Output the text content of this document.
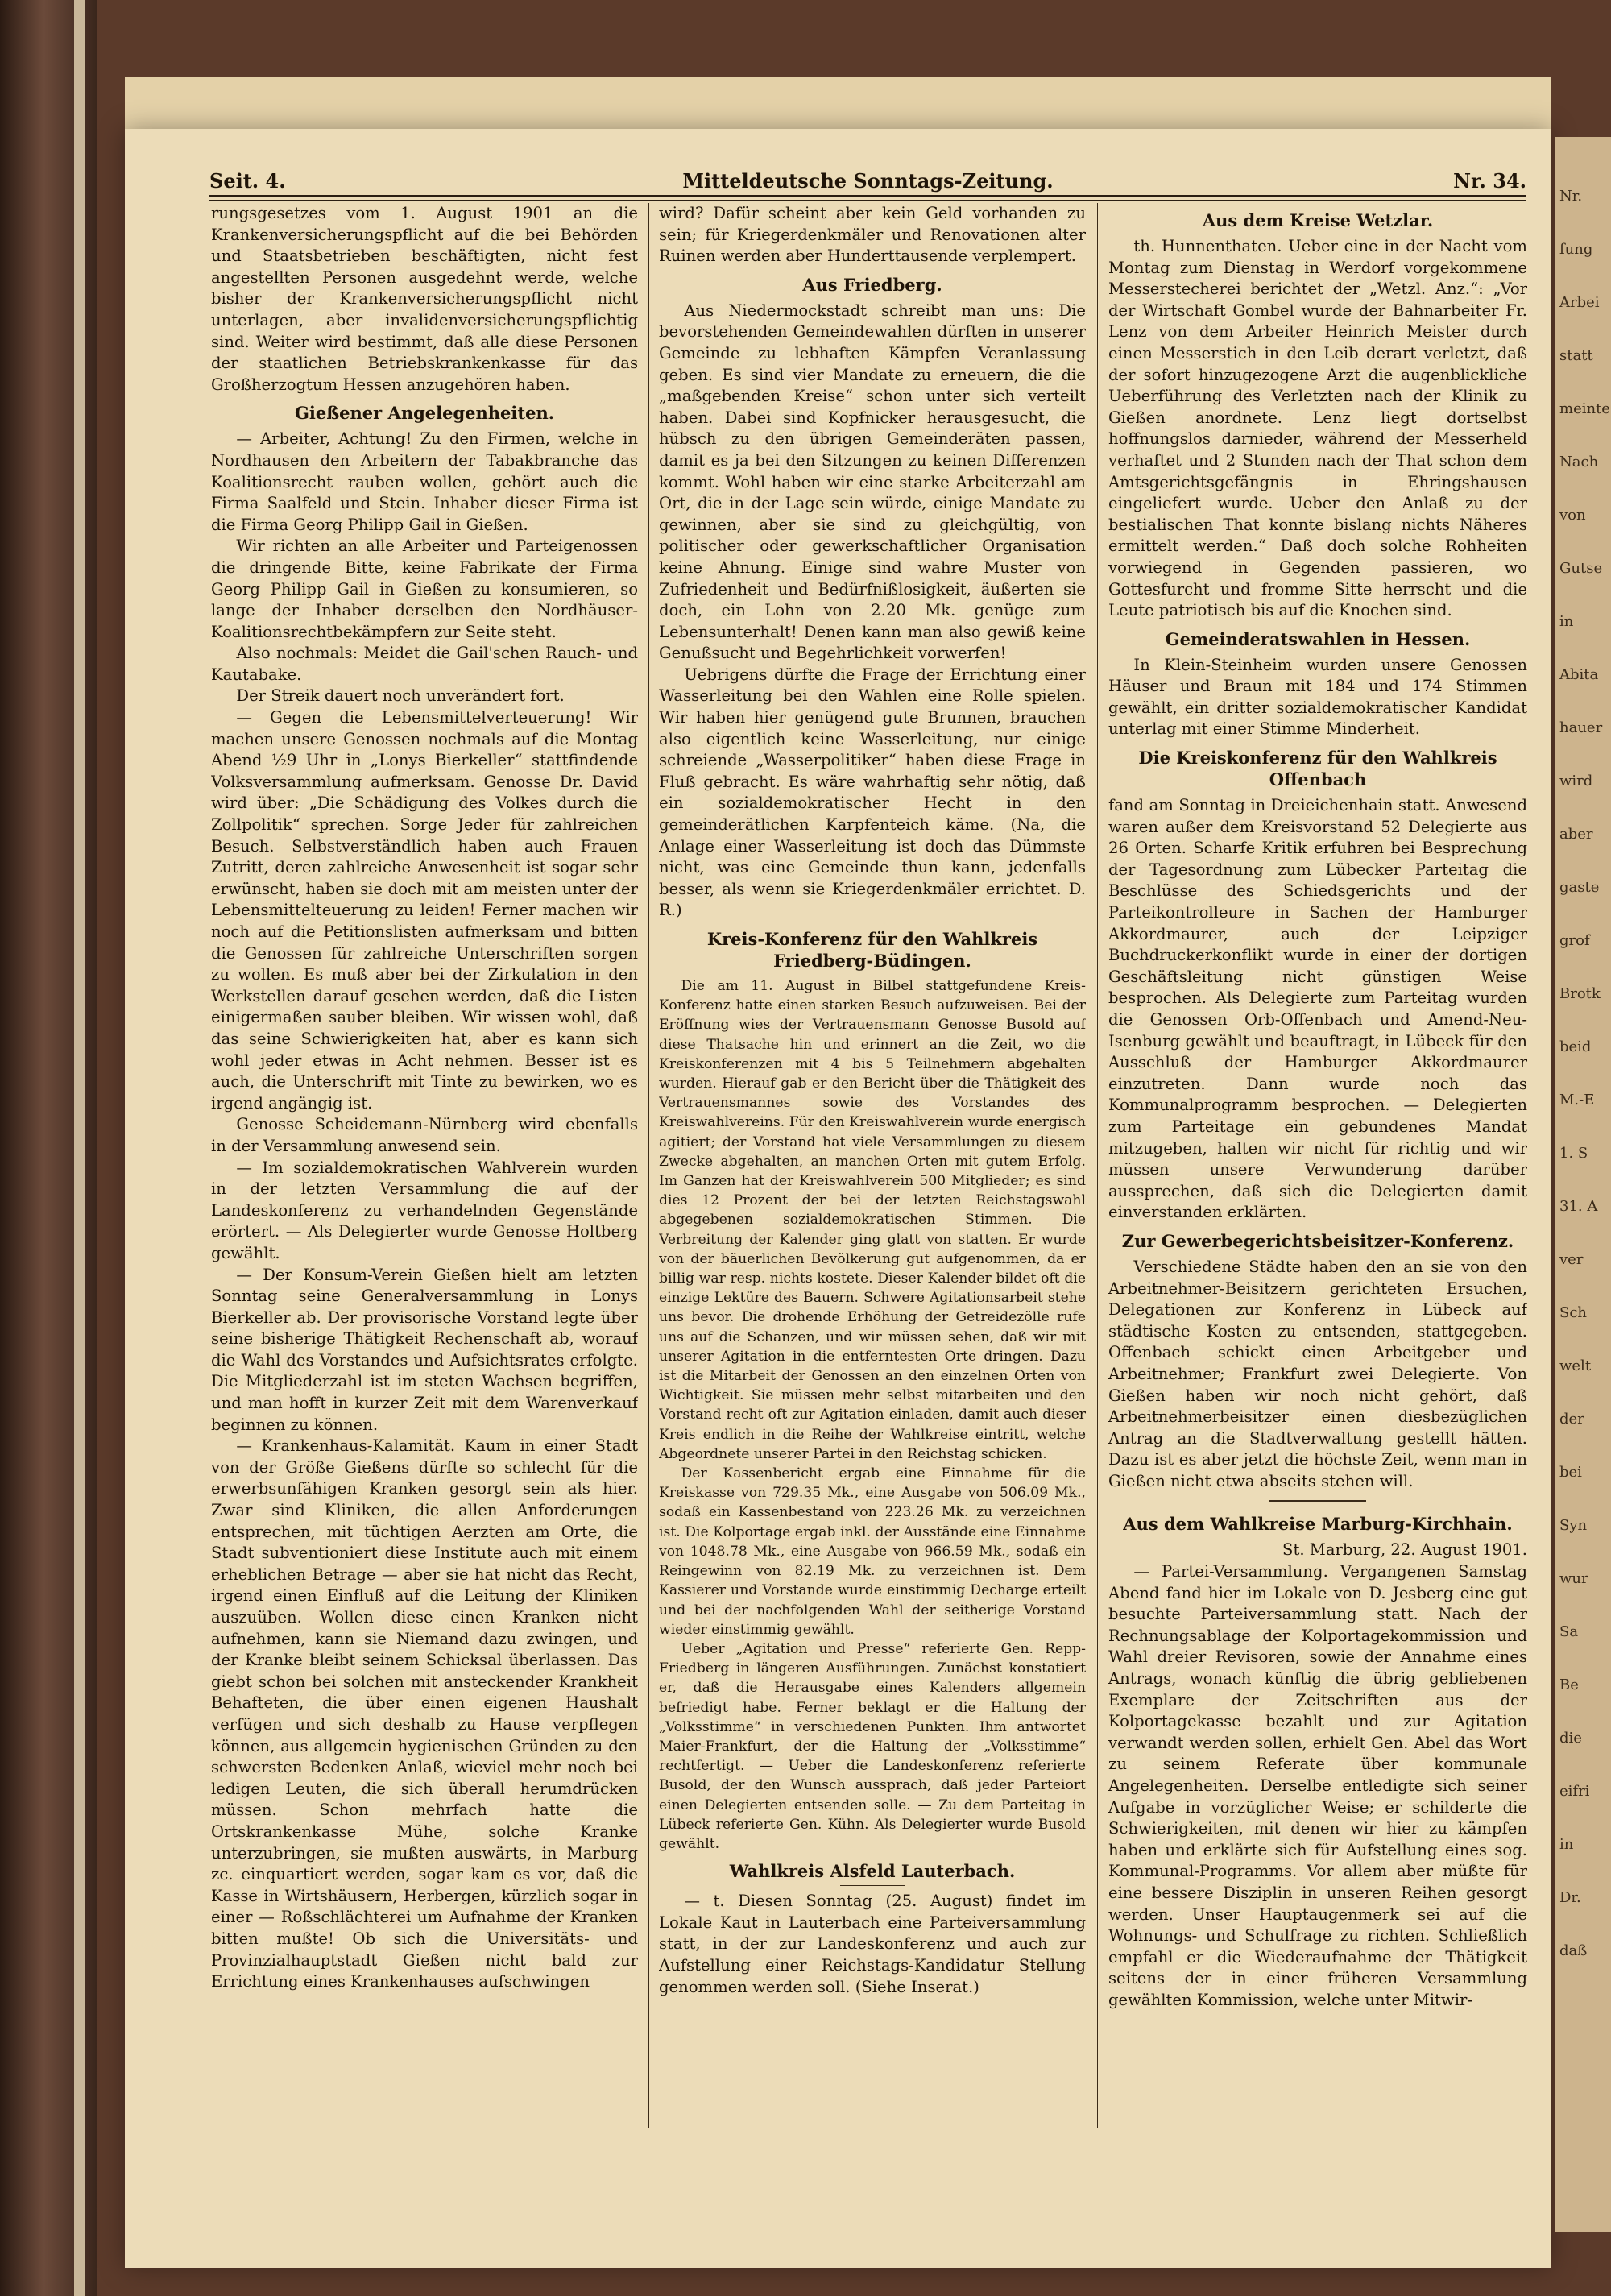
Nr.
fung
Arbei
statt
meinte
Nach
von
Gutse
in
Abita
hauer
wird
aber
gaste
grof
Brotk
beid
M.-E
1. S
31. A
ver
Sch
welt
der
bei
Syn
wur
Sa
Be
die
eifri
in
Dr.
daß
Seit. 4.	Mitteldeutsche Sonntags-Zeitung.	Nr. 34.

rungsgesetzes vom 1. August 1901 an die Krankenversicherungspflicht auf die bei Behörden und Staatsbetrieben beschäftigten, nicht fest angestellten Personen ausgedehnt werde, welche bisher der Krankenversicherungspflicht nicht unterlagen, aber invalidenversicherungspflichtig sind. Weiter wird bestimmt, daß alle diese Personen der staatlichen Betriebskrankenkasse für das Großherzogtum Hessen anzugehören haben.

Gießener Angelegenheiten.

— Arbeiter, Achtung! Zu den Firmen, welche in Nordhausen den Arbeitern der Tabakbranche das Koalitionsrecht rauben wollen, gehört auch die Firma Saalfeld und Stein. Inhaber dieser Firma ist die Firma Georg Philipp Gail in Gießen.

Wir richten an alle Arbeiter und Parteigenossen die dringende Bitte, keine Fabrikate der Firma Georg Philipp Gail in Gießen zu konsumieren, so lange der Inhaber derselben den Nordhäuser-Koalitionsrechtbekämpfern zur Seite steht.

Also nochmals: Meidet die Gail'schen Rauch- und Kautabake.

Der Streik dauert noch unverändert fort.

— Gegen die Lebensmittelverteuerung! Wir machen unsere Genossen nochmals auf die Montag Abend ½9 Uhr in „Lonys Bierkeller“ stattfindende Volksversammlung aufmerksam. Genosse Dr. David wird über: „Die Schädigung des Volkes durch die Zollpolitik“ sprechen. Sorge Jeder für zahlreichen Besuch. Selbstverständlich haben auch Frauen Zutritt, deren zahlreiche Anwesenheit ist sogar sehr erwünscht, haben sie doch mit am meisten unter der Lebensmittelteuerung zu leiden! Ferner machen wir noch auf die Petitionslisten aufmerksam und bitten die Genossen für zahlreiche Unterschriften sorgen zu wollen. Es muß aber bei der Zirkulation in den Werkstellen darauf gesehen werden, daß die Listen einigermaßen sauber bleiben. Wir wissen wohl, daß das seine Schwierigkeiten hat, aber es kann sich wohl jeder etwas in Acht nehmen. Besser ist es auch, die Unterschrift mit Tinte zu bewirken, wo es irgend angängig ist.

Genosse Scheidemann-Nürnberg wird ebenfalls in der Versammlung anwesend sein.

— Im sozialdemokratischen Wahlverein wurden in der letzten Versammlung die auf der Landeskonferenz zu verhandelnden Gegenstände erörtert. — Als Delegierter wurde Genosse Holtberg gewählt.

— Der Konsum-Verein Gießen hielt am letzten Sonntag seine Generalversammlung in Lonys Bierkeller ab. Der provisorische Vorstand legte über seine bisherige Thätigkeit Rechenschaft ab, worauf die Wahl des Vorstandes und Aufsichtsrates erfolgte. Die Mitgliederzahl ist im steten Wachsen begriffen, und man hofft in kurzer Zeit mit dem Warenverkauf beginnen zu können.

— Krankenhaus-Kalamität. Kaum in einer Stadt von der Größe Gießens dürfte so schlecht für die erwerbsunfähigen Kranken gesorgt sein als hier. Zwar sind Kliniken, die allen Anforderungen entsprechen, mit tüchtigen Aerzten am Orte, die Stadt subventioniert diese Institute auch mit einem erheblichen Betrage — aber sie hat nicht das Recht, irgend einen Einfluß auf die Leitung der Kliniken auszuüben. Wollen diese einen Kranken nicht aufnehmen, kann sie Niemand dazu zwingen, und der Kranke bleibt seinem Schicksal überlassen. Das giebt schon bei solchen mit ansteckender Krankheit Behafteten, die über einen eigenen Haushalt verfügen und sich deshalb zu Hause verpflegen können, aus allgemein hygienischen Gründen zu den schwersten Bedenken Anlaß, wieviel mehr noch bei ledigen Leuten, die sich überall herumdrücken müssen. Schon mehrfach hatte die Ortskrankenkasse Mühe, solche Kranke unterzubringen, sie mußten auswärts, in Marburg zc. einquartiert werden, sogar kam es vor, daß die Kasse in Wirtshäusern, Herbergen, kürzlich sogar in einer — Roßschlächterei um Aufnahme der Kranken bitten mußte! Ob sich die Universitäts- und Provinzialhauptstadt Gießen nicht bald zur Errichtung eines Krankenhauses aufschwingen

wird? Dafür scheint aber kein Geld vorhanden zu sein; für Kriegerdenkmäler und Renovationen alter Ruinen werden aber Hunderttausende verplempert.

Aus Friedberg.

Aus Niedermockstadt schreibt man uns: Die bevorstehenden Gemeindewahlen dürften in unserer Gemeinde zu lebhaften Kämpfen Veranlassung geben. Es sind vier Mandate zu erneuern, die die „maßgebenden Kreise“ schon unter sich verteilt haben. Dabei sind Kopfnicker herausgesucht, die hübsch zu den übrigen Gemeinderäten passen, damit es ja bei den Sitzungen zu keinen Differenzen kommt. Wohl haben wir eine starke Arbeiterzahl am Ort, die in der Lage sein würde, einige Mandate zu gewinnen, aber sie sind zu gleichgültig, von politischer oder gewerkschaftlicher Organisation keine Ahnung. Einige sind wahre Muster von Zufriedenheit und Bedürfnißlosigkeit, äußerten sie doch, ein Lohn von 2.20 Mk. genüge zum Lebensunterhalt! Denen kann man also gewiß keine Genußsucht und Begehrlichkeit vorwerfen!

Uebrigens dürfte die Frage der Errichtung einer Wasserleitung bei den Wahlen eine Rolle spielen. Wir haben hier genügend gute Brunnen, brauchen also eigentlich keine Wasserleitung, nur einige schreiende „Wasserpolitiker“ haben diese Frage in Fluß gebracht. Es wäre wahrhaftig sehr nötig, daß ein sozialdemokratischer Hecht in den gemeinderätlichen Karpfenteich käme. (Na, die Anlage einer Wasserleitung ist doch das Dümmste nicht, was eine Gemeinde thun kann, jedenfalls besser, als wenn sie Kriegerdenkmäler errichtet. D. R.)

Kreis-Konferenz für den Wahlkreis Friedberg-Büdingen.

Die am 11. August in Bilbel stattgefundene Kreis-Konferenz hatte einen starken Besuch aufzuweisen. Bei der Eröffnung wies der Vertrauensmann Genosse Busold auf diese Thatsache hin und erinnert an die Zeit, wo die Kreiskonferenzen mit 4 bis 5 Teilnehmern abgehalten wurden. Hierauf gab er den Bericht über die Thätigkeit des Vertrauensmannes sowie des Vorstandes des Kreiswahlvereins. Für den Kreiswahlverein wurde energisch agitiert; der Vorstand hat viele Versammlungen zu diesem Zwecke abgehalten, an manchen Orten mit gutem Erfolg. Im Ganzen hat der Kreiswahlverein 500 Mitglieder; es sind dies 12 Prozent der bei der letzten Reichstagswahl abgegebenen sozialdemokratischen Stimmen. Die Verbreitung der Kalender ging glatt von statten. Er wurde von der bäuerlichen Bevölkerung gut aufgenommen, da er billig war resp. nichts kostete. Dieser Kalender bildet oft die einzige Lektüre des Bauern. Schwere Agitationsarbeit stehe uns bevor. Die drohende Erhöhung der Getreidezölle rufe uns auf die Schanzen, und wir müssen sehen, daß wir mit unserer Agitation in die entferntesten Orte dringen. Dazu ist die Mitarbeit der Genossen an den einzelnen Orten von Wichtigkeit. Sie müssen mehr selbst mitarbeiten und den Vorstand recht oft zur Agitation einladen, damit auch dieser Kreis endlich in die Reihe der Wahlkreise eintritt, welche Abgeordnete unserer Partei in den Reichstag schicken.

Der Kassenbericht ergab eine Einnahme für die Kreiskasse von 729.35 Mk., eine Ausgabe von 506.09 Mk., sodaß ein Kassenbestand von 223.26 Mk. zu verzeichnen ist. Die Kolportage ergab inkl. der Ausstände eine Einnahme von 1048.78 Mk., eine Ausgabe von 966.59 Mk., sodaß ein Reingewinn von 82.19 Mk. zu verzeichnen ist. Dem Kassierer und Vorstande wurde einstimmig Decharge erteilt und bei der nachfolgenden Wahl der seitherige Vorstand wieder einstimmig gewählt.

Ueber „Agitation und Presse“ referierte Gen. Repp-Friedberg in längeren Ausführungen. Zunächst konstatiert er, daß die Herausgabe eines Kalenders allgemein befriedigt habe. Ferner beklagt er die Haltung der „Volksstimme“ in verschiedenen Punkten. Ihm antwortet Maier-Frankfurt, der die Haltung der „Volksstimme“ rechtfertigt. — Ueber die Landeskonferenz referierte Busold, der den Wunsch aussprach, daß jeder Parteiort einen Delegierten entsenden solle. — Zu dem Parteitag in Lübeck referierte Gen. Kühn. Als Delegierter wurde Busold gewählt.

Wahlkreis Alsfeld Lauterbach.

— t. Diesen Sonntag (25. August) findet im Lokale Kaut in Lauterbach eine Parteiversammlung statt, in der zur Landeskonferenz und auch zur Aufstellung einer Reichstags-Kandidatur Stellung genommen werden soll. (Siehe Inserat.)

Aus dem Kreise Wetzlar.

th. Hunnenthaten. Ueber eine in der Nacht vom Montag zum Dienstag in Werdorf vorgekommene Messerstecherei berichtet der „Wetzl. Anz.“: „Vor der Wirtschaft Gombel wurde der Bahnarbeiter Fr. Lenz von dem Arbeiter Heinrich Meister durch einen Messerstich in den Leib derart verletzt, daß der sofort hinzugezogene Arzt die augenblickliche Ueberführung des Verletzten nach der Klinik zu Gießen anordnete. Lenz liegt dortselbst hoffnungslos darnieder, während der Messerheld verhaftet und 2 Stunden nach der That schon dem Amtsgerichtsgefängnis in Ehringshausen eingeliefert wurde. Ueber den Anlaß zu der bestialischen That konnte bislang nichts Näheres ermittelt werden.“ Daß doch solche Rohheiten vorwiegend in Gegenden passieren, wo Gottesfurcht und fromme Sitte herrscht und die Leute patriotisch bis auf die Knochen sind.

Gemeinderatswahlen in Hessen.

In Klein-Steinheim wurden unsere Genossen Häuser und Braun mit 184 und 174 Stimmen gewählt, ein dritter sozialdemokratischer Kandidat unterlag mit einer Stimme Minderheit.

Die Kreiskonferenz für den Wahlkreis Offenbach

fand am Sonntag in Dreieichenhain statt. Anwesend waren außer dem Kreisvorstand 52 Delegierte aus 26 Orten. Scharfe Kritik erfuhren bei Besprechung der Tagesordnung zum Lübecker Parteitag die Beschlüsse des Schiedsgerichts und der Parteikontrolleure in Sachen der Hamburger Akkordmaurer, auch der Leipziger Buchdruckerkonflikt wurde in einer der dortigen Geschäftsleitung nicht günstigen Weise besprochen. Als Delegierte zum Parteitag wurden die Genossen Orb-Offenbach und Amend-Neu-Isenburg gewählt und beauftragt, in Lübeck für den Ausschluß der Hamburger Akkordmaurer einzutreten. Dann wurde noch das Kommunalprogramm besprochen. — Delegierten zum Parteitage ein gebundenes Mandat mitzugeben, halten wir nicht für richtig und wir müssen unsere Verwunderung darüber aussprechen, daß sich die Delegierten damit einverstanden erklärten.

Zur Gewerbegerichtsbeisitzer-Konferenz.

Verschiedene Städte haben den an sie von den Arbeitnehmer-Beisitzern gerichteten Ersuchen, Delegationen zur Konferenz in Lübeck auf städtische Kosten zu entsenden, stattgegeben. Offenbach schickt einen Arbeitgeber und Arbeitnehmer; Frankfurt zwei Delegierte. Von Gießen haben wir noch nicht gehört, daß Arbeitnehmerbeisitzer einen diesbezüglichen Antrag an die Stadtverwaltung gestellt hätten. Dazu ist es aber jetzt die höchste Zeit, wenn man in Gießen nicht etwa abseits stehen will.

Aus dem Wahlkreise Marburg-Kirchhain.

St. Marburg, 22. August 1901.

— Partei-Versammlung. Vergangenen Samstag Abend fand hier im Lokale von D. Jesberg eine gut besuchte Parteiversammlung statt. Nach der Rechnungsablage der Kolportagekommission und Wahl dreier Revisoren, sowie der Annahme eines Antrags, wonach künftig die übrig gebliebenen Exemplare der Zeitschriften aus der Kolportagekasse bezahlt und zur Agitation verwandt werden sollen, erhielt Gen. Abel das Wort zu seinem Referate über kommunale Angelegenheiten. Derselbe entledigte sich seiner Aufgabe in vorzüglicher Weise; er schilderte die Schwierigkeiten, mit denen wir hier zu kämpfen haben und erklärte sich für Aufstellung eines sog. Kommunal-Programms. Vor allem aber müßte für eine bessere Disziplin in unseren Reihen gesorgt werden. Unser Hauptaugenmerk sei auf die Wohnungs- und Schulfrage zu richten. Schließlich empfahl er die Wiederaufnahme der Thätigkeit seitens der in einer früheren Versammlung gewählten Kommission, welche unter Mitwir-
